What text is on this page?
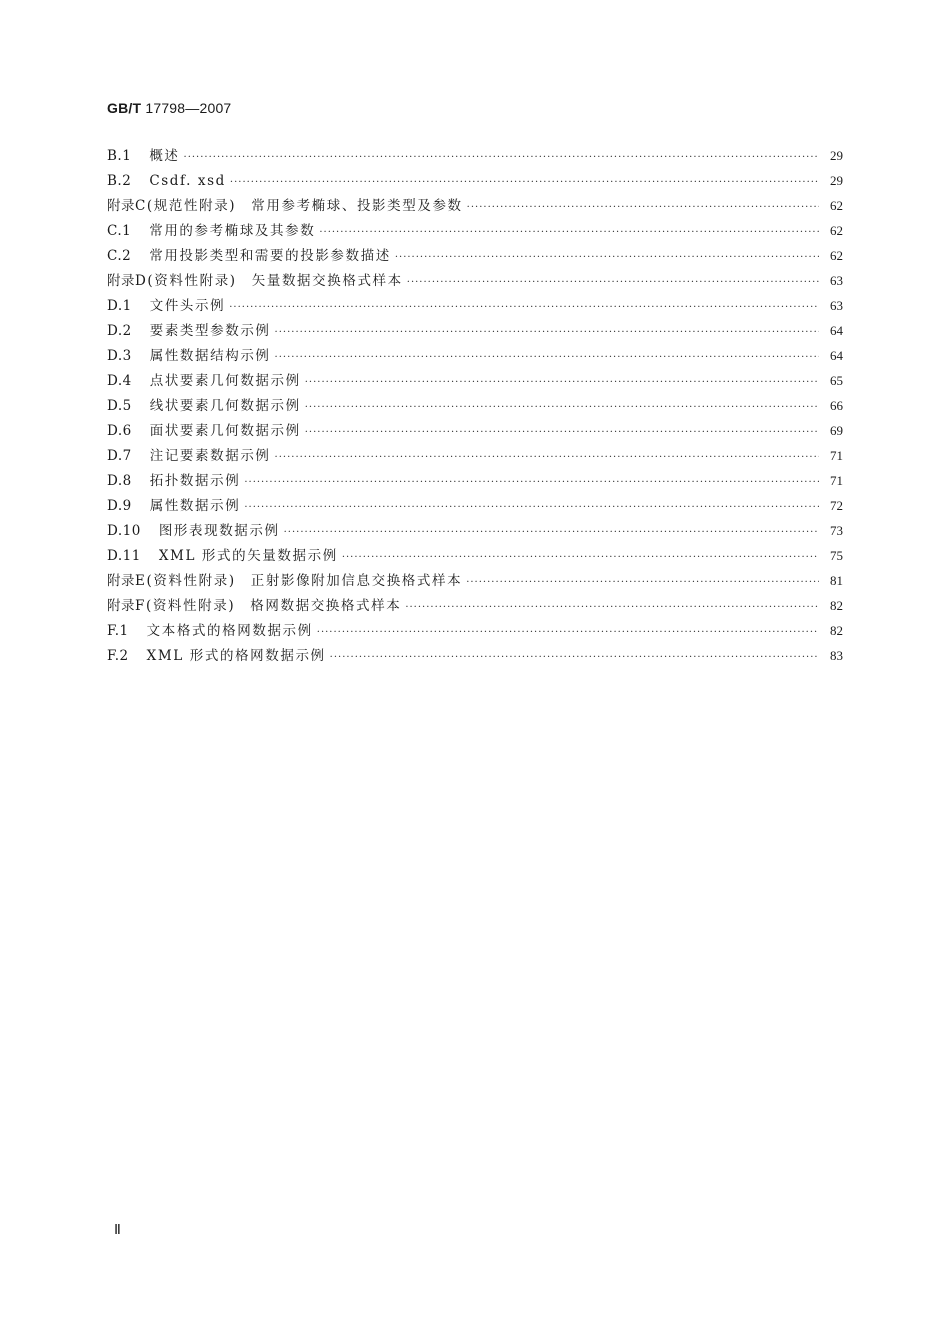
GB/T 17798—2007
B.1 概述 ·····	29
B.2 Csdf. xsd ·····	29
附录 C(规范性附录)　常用参考椭球、投影类型及参数 ·····	62
C.1 常用的参考椭球及其参数 ·····	62
C.2 常用投影类型和需要的投影参数描述 ·····	62
附录 D(资料性附录)　矢量数据交换格式样本 ·····	63
D.1 文件头示例 ·····	63
D.2 要素类型参数示例 ·····	64
D.3 属性数据结构示例 ·····	64
D.4 点状要素几何数据示例 ·····	65
D.5 线状要素几何数据示例 ·····	66
D.6 面状要素几何数据示例 ·····	69
D.7 注记要素数据示例 ·····	71
D.8 拓扑数据示例 ·····	71
D.9 属性数据示例 ·····	72
D.10 图形表现数据示例 ·····	73
D.11 XML 形式的矢量数据示例 ·····	75
附录 E(资料性附录)　正射影像附加信息交换格式样本 ·····	81
附录 F(资料性附录)　格网数据交换格式样本 ·····	82
F.1 文本格式的格网数据示例 ·····	82
F.2 XML 形式的格网数据示例 ·····	83
Ⅱ
